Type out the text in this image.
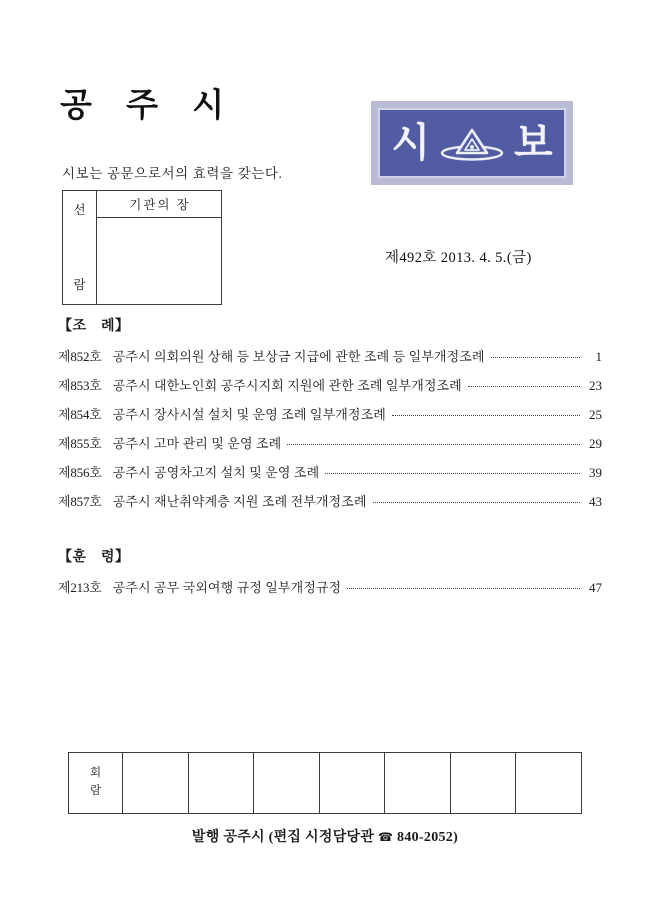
공 주 시
시보는 공문으로서의 효력을 갖는다.
선
람
기관의 장
시 보
제492호 2013. 4. 5.(금)
【조　례】
제852호 공주시 의회의원 상해 등 보상금 지급에 관한 조례 등 일부개정조례	1
제853호 공주시 대한노인회 공주시지회 지원에 관한 조례 일부개정조례	23
제854호 공주시 장사시설 설치 및 운영 조례 일부개정조례	25
제855호 공주시 고마 관리 및 운영 조례	29
제856호 공주시 공영차고지 설치 및 운영 조례	39
제857호 공주시 재난취약계층 지원 조례 전부개정조례	43
【훈　령】
제213호 공주시 공무 국외여행 규정 일부개정규정	47
회
람
발행 공주시 (편집 시정담당관 ☎ 840-2052)
